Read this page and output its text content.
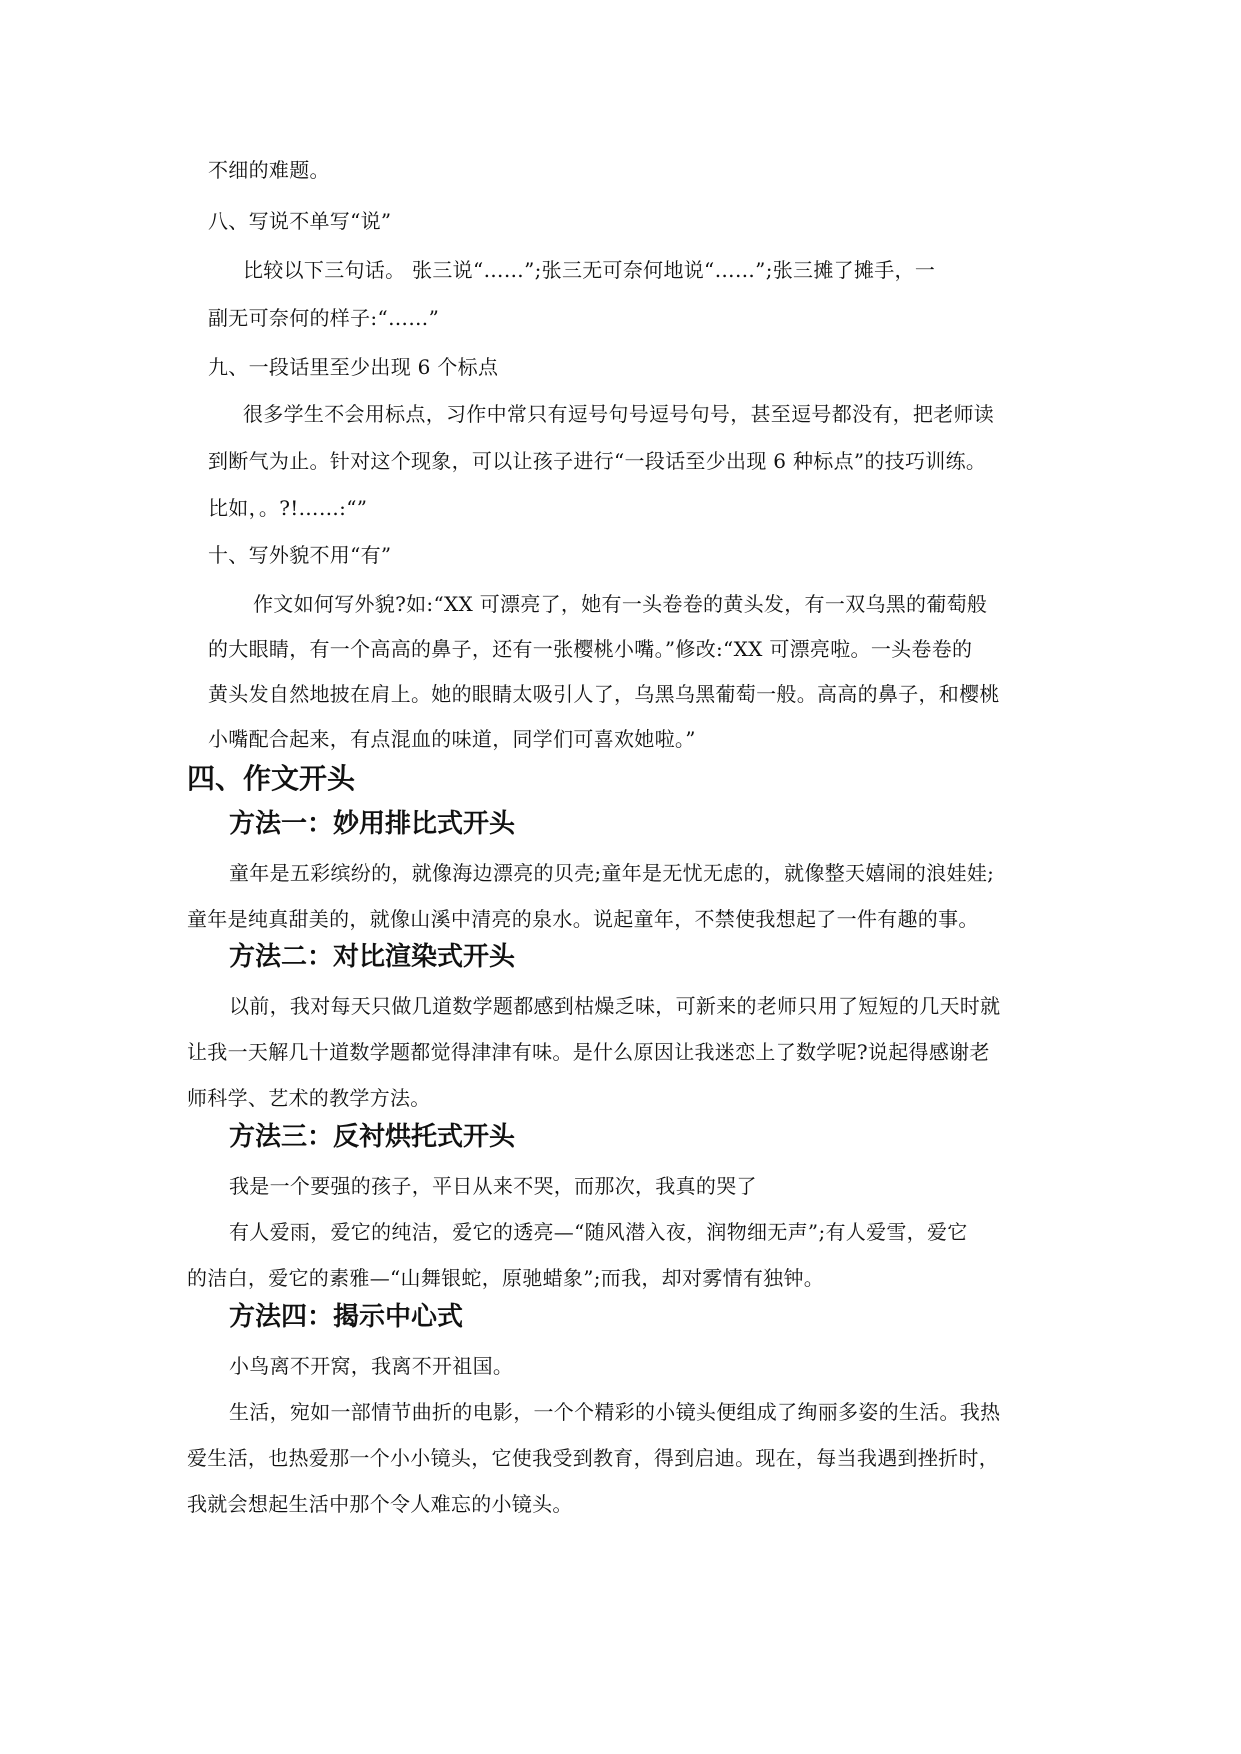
不细的难题。
八、写说不单写“说”
比较以下三句话。 张三说“……”;张三无可奈何地说“……”;张三摊了摊手，一
副无可奈何的样子:“……”
九、一段话里至少出现 6 个标点
很多学生不会用标点，习作中常只有逗号句号逗号句号，甚至逗号都没有，把老师读
到断气为止。针对这个现象，可以让孩子进行“一段话至少出现 6 种标点”的技巧训练。
比如，。?!……:“”
十、写外貌不用“有”
作文如何写外貌?如:“XX 可漂亮了，她有一头卷卷的黄头发，有一双乌黑的葡萄般
的大眼睛，有一个高高的鼻子，还有一张樱桃小嘴。”修改:“XX 可漂亮啦。一头卷卷的
黄头发自然地披在肩上。她的眼睛太吸引人了，乌黑乌黑葡萄一般。高高的鼻子，和樱桃
小嘴配合起来，有点混血的味道，同学们可喜欢她啦。”
四、作文开头
方法一：妙用排比式开头
童年是五彩缤纷的，就像海边漂亮的贝壳;童年是无忧无虑的，就像整天嬉闹的浪娃娃;
童年是纯真甜美的，就像山溪中清亮的泉水。说起童年，不禁使我想起了一件有趣的事。
方法二：对比渲染式开头
以前，我对每天只做几道数学题都感到枯燥乏味，可新来的老师只用了短短的几天时就
让我一天解几十道数学题都觉得津津有味。是什么原因让我迷恋上了数学呢?说起得感谢老
师科学、艺术的教学方法。
方法三：反衬烘托式开头
我是一个要强的孩子，平日从来不哭，而那次，我真的哭了
有人爱雨，爱它的纯洁，爱它的透亮—“随风潜入夜，润物细无声”;有人爱雪，爱它
的洁白，爱它的素雅—“山舞银蛇，原驰蜡象”;而我，却对雾情有独钟。
方法四：揭示中心式
小鸟离不开窝，我离不开祖国。
生活，宛如一部情节曲折的电影，一个个精彩的小镜头便组成了绚丽多姿的生活。我热
爱生活，也热爱那一个小小镜头，它使我受到教育，得到启迪。现在，每当我遇到挫折时，
我就会想起生活中那个令人难忘的小镜头。
